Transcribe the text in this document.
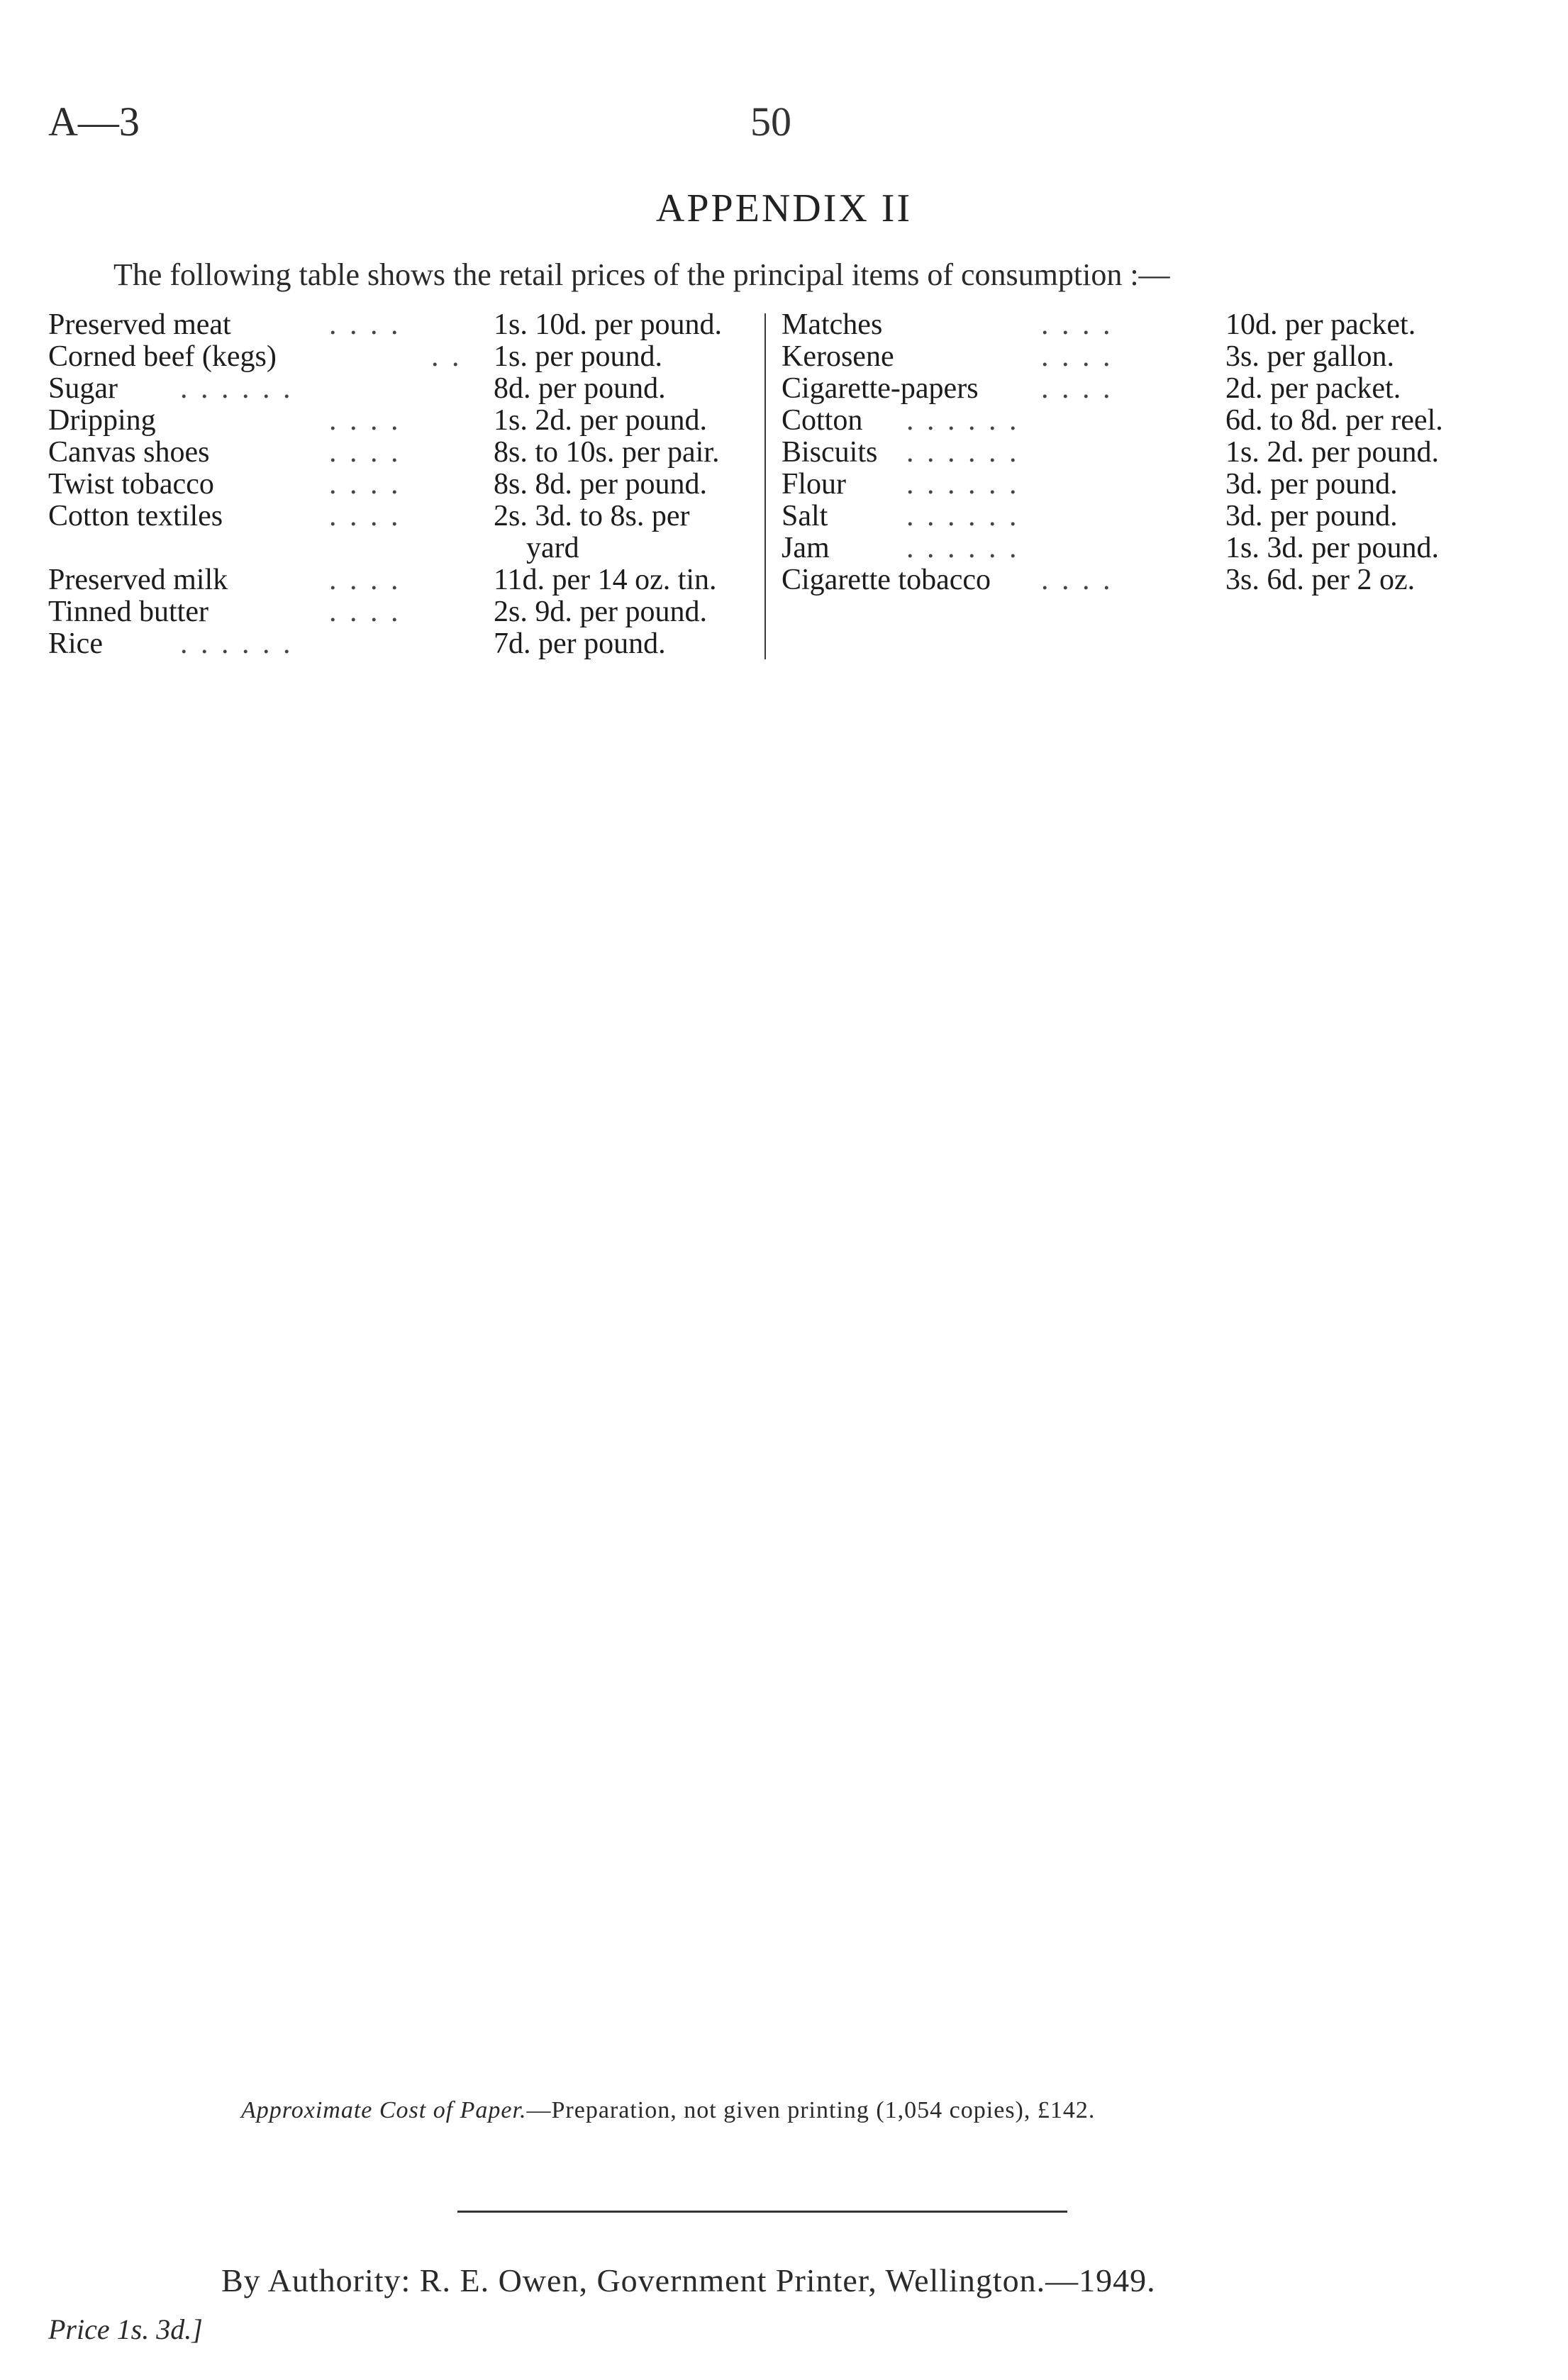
A—3	50
APPENDIX II
The following table shows the retail prices of the principal items of consumption :—
Preserved meat	. . . .	1s. 10d. per pound.
Corned beef (kegs)	. . 1s. per pound.
Sugar . . . . . .	8d. per pound.
Dripping	. . . .	1s. 2d. per pound.
Canvas shoes	. . . .	8s. to 10s. per pair.
Twist tobacco	. . . .	8s. 8d. per pound.
Cotton textiles	. . . .	2s. 3d. to 8s. per
yard
Preserved milk	. . . .	11d. per 14 oz. tin.
Tinned butter	. . . .	2s. 9d. per pound.
Rice	. . . . . .	7d. per pound.
Matches	. . . .	10d. per packet.
Kerosene	. . . .	3s. per gallon.
Cigarette-papers . . . .	2d. per packet.
Cotton . . . . . .	6d. to 8d. per reel.
Biscuits . . . . . .	1s. 2d. per pound.
Flour . . . . . .	3d. per pound.
Salt	. . . . . .	3d. per pound.
Jam	. . . . . .	1s. 3d. per pound.
Cigarette tobacco . . . .	3s. 6d. per 2 oz.
Approximate Cost of Paper.—Preparation, not given printing (1,054 copies), £142.
By Authority: R. E. Owen, Government Printer, Wellington.—1949.
Price 1s. 3d.]
